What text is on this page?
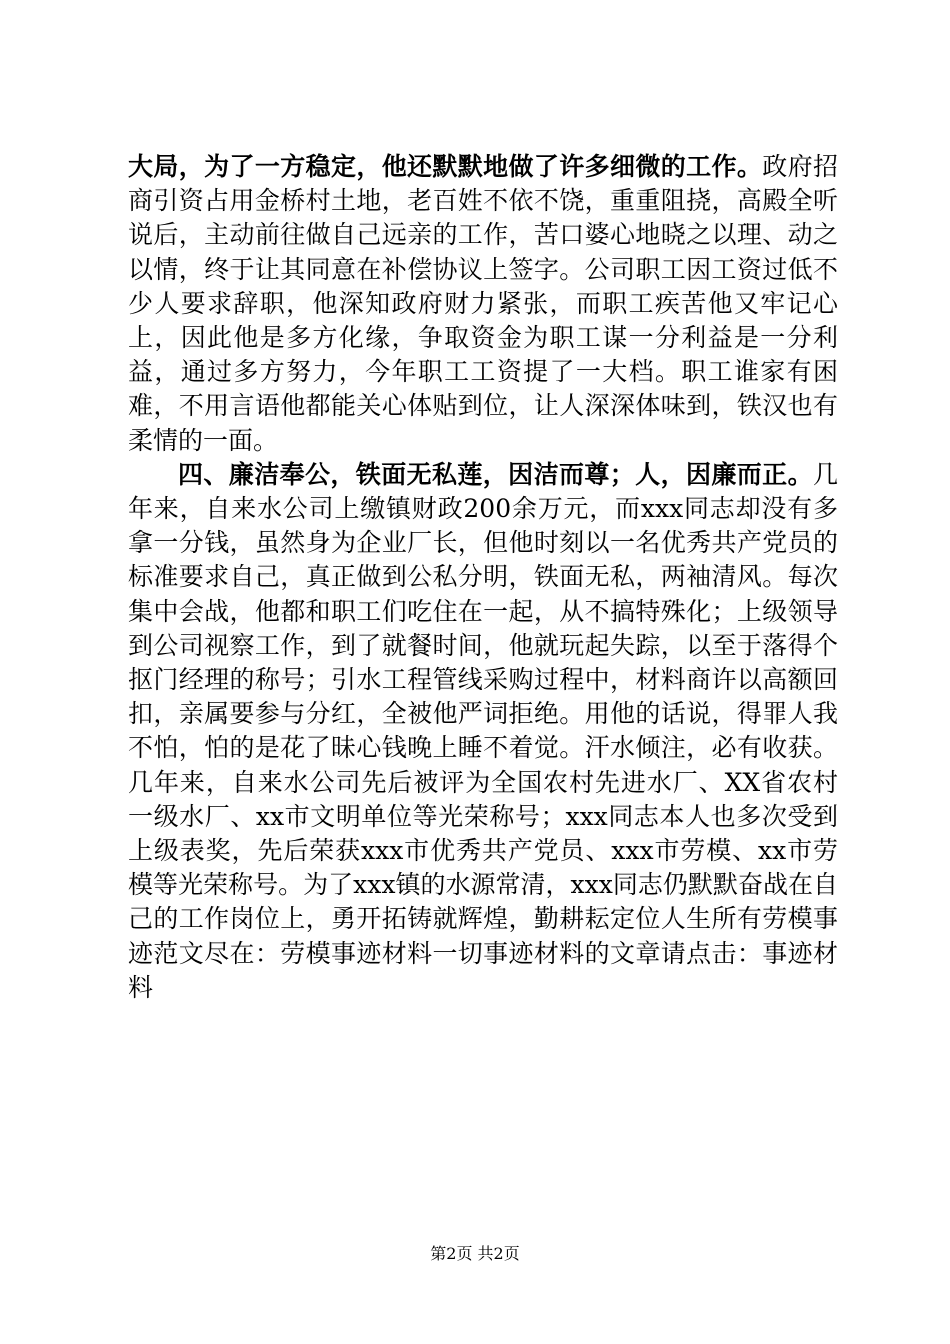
大局，为了一方稳定，他还默默地做了许多细微的工作。政府招商引资占用金桥村土地，老百姓不依不饶，重重阻挠，高殿全听说后，主动前往做自己远亲的工作，苦口婆心地晓之以理、动之以情，终于让其同意在补偿协议上签字。公司职工因工资过低不少人要求辞职，他深知政府财力紧张，而职工疾苦他又牢记心上，因此他是多方化缘，争取资金为职工谋一分利益是一分利益，通过多方努力，今年职工工资提了一大档。职工谁家有困难，不用言语他都能关心体贴到位，让人深深体味到，铁汉也有柔情的一面。

四、廉洁奉公，铁面无私莲，因洁而尊；人，因廉而正。几年来，自来水公司上缴镇财政200余万元，而xxx同志却没有多拿一分钱，虽然身为企业厂长，但他时刻以一名优秀共产党员的标准要求自己，真正做到公私分明，铁面无私，两袖清风。每次集中会战，他都和职工们吃住在一起，从不搞特殊化；上级领导到公司视察工作，到了就餐时间，他就玩起失踪，以至于落得个抠门经理的称号；引水工程管线采购过程中，材料商许以高额回扣，亲属要参与分红，全被他严词拒绝。用他的话说，得罪人我不怕，怕的是花了昧心钱晚上睡不着觉。汗水倾注，必有收获。几年来，自来水公司先后被评为全国农村先进水厂、XX省农村一级水厂、xx市文明单位等光荣称号；xxx同志本人也多次受到上级表奖，先后荣获xxx市优秀共产党员、xxx市劳模、xx市劳模等光荣称号。为了xxx镇的水源常清，xxx同志仍默默奋战在自己的工作岗位上，勇开拓铸就辉煌，勤耕耘定位人生所有劳模事迹范文尽在：劳模事迹材料一切事迹材料的文章请点击：事迹材料

第2页 共2页
